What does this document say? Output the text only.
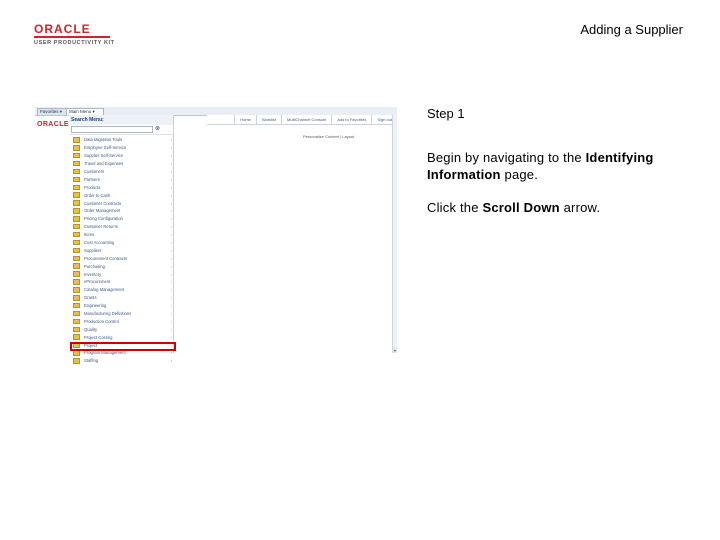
ORACLE
USER PRODUCTIVITY KIT
Adding a Supplier
Favorites ▾	Main Menu ▾
ORACLE
Home	Worklist	MultiChannel Console	Add to Favorites	Sign out
Personalize Content | Layout
Search Menu:
⊗
Data Migration Tools	›
Employee Self-Service	›
Supplier Self-Service	›
Travel and Expenses	›
Customers	›
Partners	›
Products	›
Order to Cash	›
Customer Contracts	›
Order Management	›
Pricing Configuration	›
Customer Returns	›
Items	›
Cost Accounting	›
Suppliers	›
Procurement Contracts	›
Purchasing	›
Inventory	›
eProcurement	›
Catalog Management	›
Grants	›
Engineering	›
Manufacturing Definitions	›
Production Control	›
Quality	›
Project Costing	›
Project	›
Program Management	›
Staffing	›
▾
Step 1
Begin by navigating to the Identifying Information page.
Click the Scroll Down arrow.
